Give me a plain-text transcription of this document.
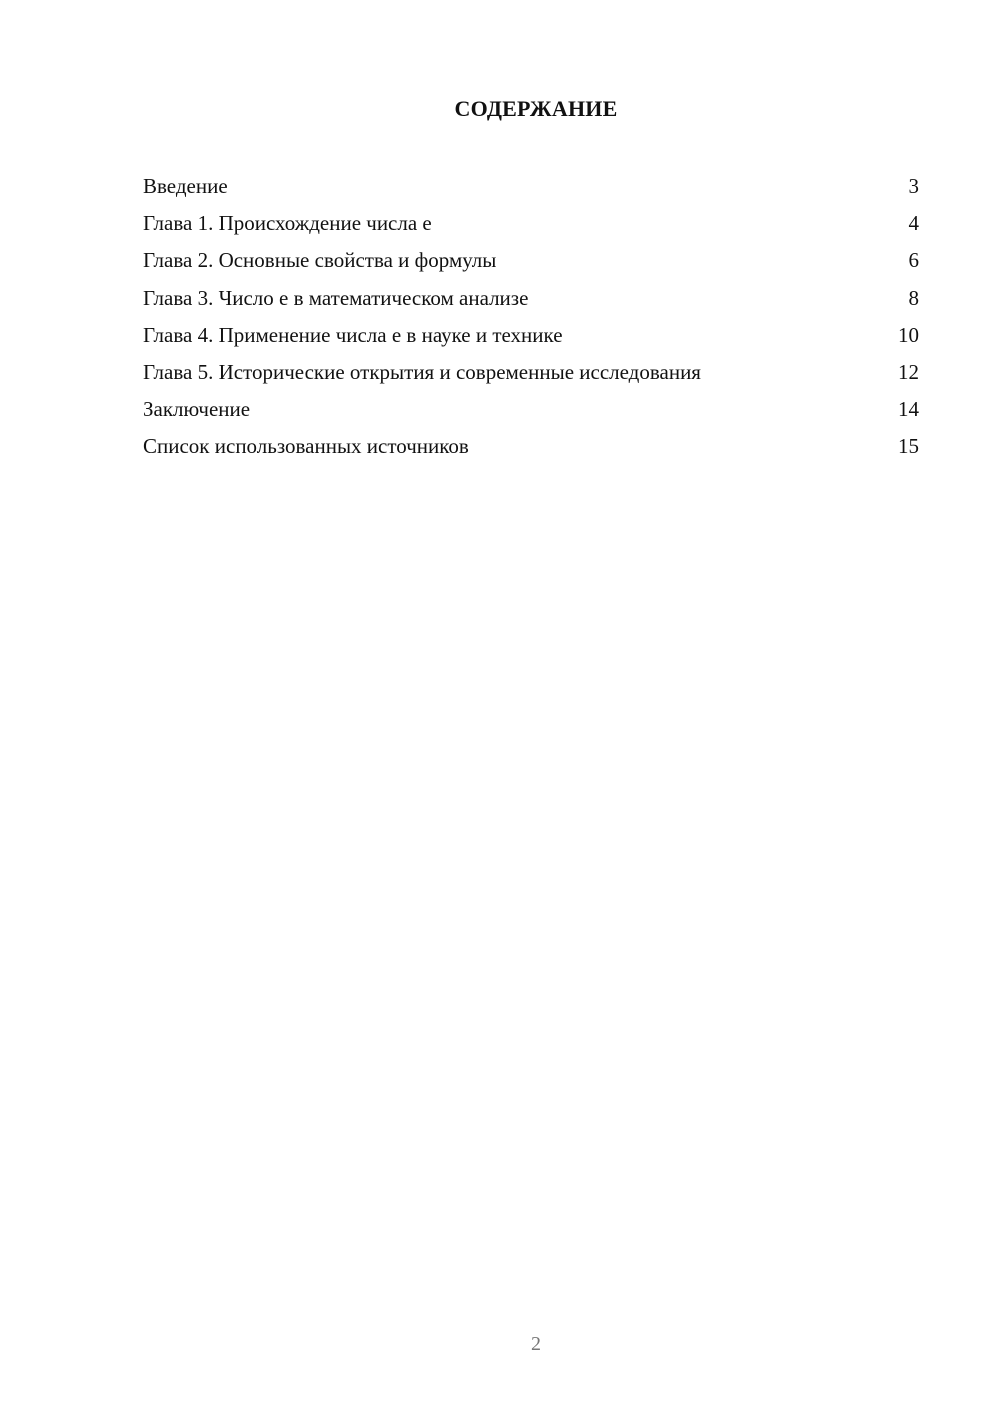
СОДЕРЖАНИЕ
Введение	3
Глава 1. Происхождение числа е	4
Глава 2. Основные свойства и формулы	6
Глава 3. Число е в математическом анализе	8
Глава 4. Применение числа е в науке и технике	10
Глава 5. Исторические открытия и современные исследования	12
Заключение	14
Список использованных источников	15
2
